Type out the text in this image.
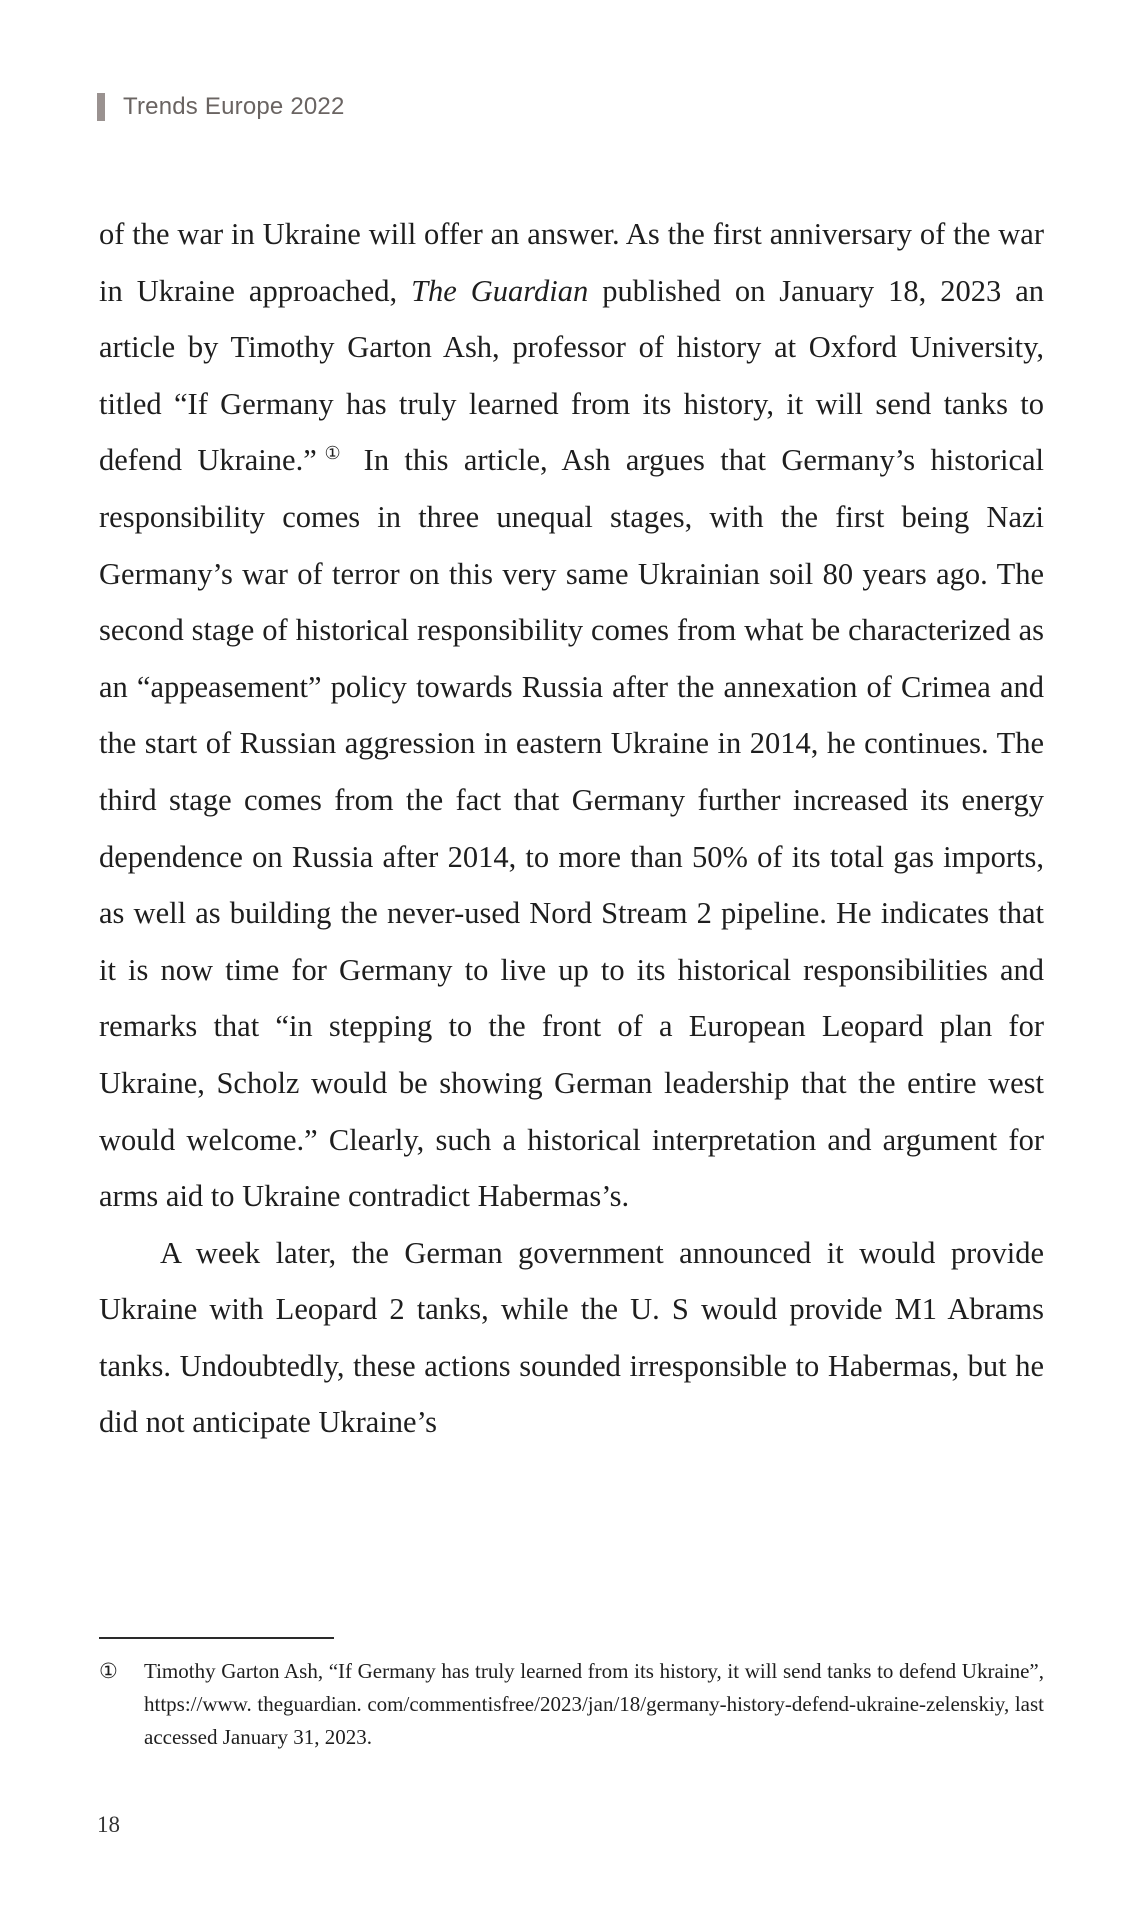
Trends Europe 2022

of the war in Ukraine will offer an answer. As the first anniversary of the war in Ukraine approached, The Guardian published on January 18, 2023 an article by Timothy Garton Ash, professor of history at Oxford University, titled “If Germany has truly learned from its history, it will send tanks to defend Ukraine.”① In this article, Ash argues that Germany’s historical responsibility comes in three unequal stages, with the first being Nazi Germany’s war of terror on this very same Ukrainian soil 80 years ago. The second stage of historical responsibility comes from what be characterized as an “appeasement” policy towards Russia after the annexation of Crimea and the start of Russian aggression in eastern Ukraine in 2014, he continues. The third stage comes from the fact that Germany further increased its energy dependence on Russia after 2014, to more than 50% of its total gas imports, as well as building the never-used Nord Stream 2 pipeline. He indicates that it is now time for Germany to live up to its historical responsibilities and remarks that “in stepping to the front of a European Leopard plan for Ukraine, Scholz would be showing German leadership that the entire west would welcome.” Clearly, such a historical interpretation and argument for arms aid to Ukraine contradict Habermas’s.

A week later, the German government announced it would provide Ukraine with Leopard 2 tanks, while the U. S would provide M1 Abrams tanks. Undoubtedly, these actions sounded irresponsible to Habermas, but he did not anticipate Ukraine’s

①	Timothy Garton Ash, “If Germany has truly learned from its history, it will send tanks to defend Ukraine”, https://www. theguardian. com/commentisfree/2023/jan/18/germany-history-defend-ukraine-zelenskiy, last accessed January 31, 2023.
18
